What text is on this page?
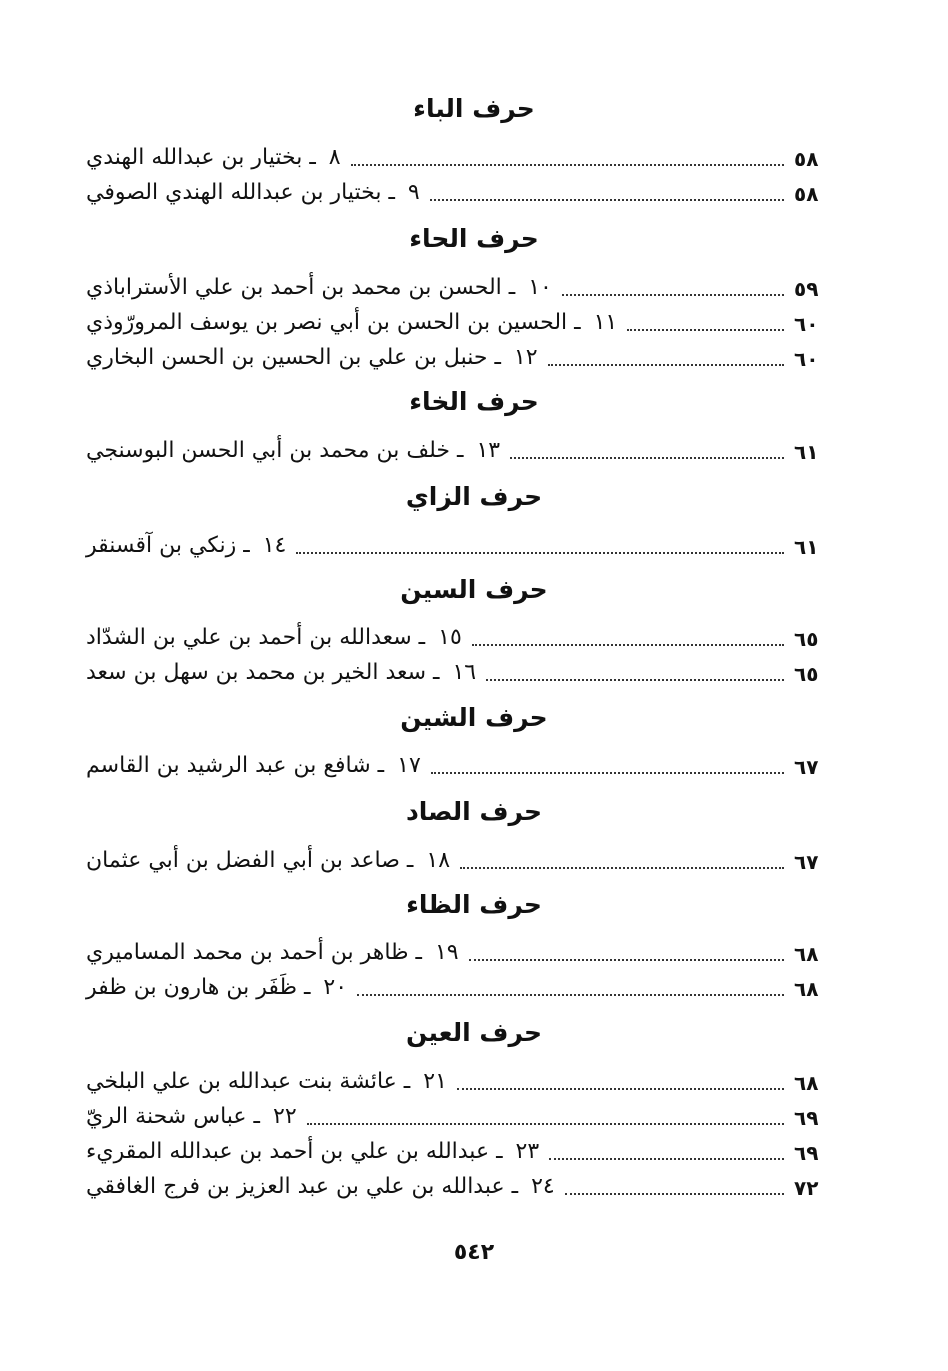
حرف الباء
٨ ـ بختيار بن عبدالله الهندي	٥٨
٩ ـ بختيار بن عبدالله الهندي الصوفي	٥٨
حرف الحاء
١٠ ـ الحسن بن محمد بن أحمد بن علي الأستراباذي	٥٩
١١ ـ الحسين بن الحسن بن أبي نصر بن يوسف المرورّوذي	٦٠
١٢ ـ حنبل بن علي بن الحسين بن الحسن البخاري	٦٠
حرف الخاء
١٣ ـ خلف بن محمد بن أبي الحسن البوسنجي	٦١
حرف الزاي
١٤ ـ زنكي بن آقسنقر	٦١
حرف السين
١٥ ـ سعدالله بن أحمد بن علي بن الشدّاد	٦٥
١٦ ـ سعد الخير بن محمد بن سهل بن سعد	٦٥
حرف الشين
١٧ ـ شافع بن عبد الرشيد بن القاسم	٦٧
حرف الصاد
١٨ ـ صاعد بن أبي الفضل بن أبي عثمان	٦٧
حرف الظاء
١٩ ـ ظاهر بن أحمد بن محمد المساميري	٦٨
٢٠ ـ ظَفَر بن هارون بن ظفر	٦٨
حرف العين
٢١ ـ عائشة بنت عبدالله بن علي البلخي	٦٨
٢٢ ـ عباس شحنة الريّ	٦٩
٢٣ ـ عبدالله بن علي بن أحمد بن عبدالله المقريء	٦٩
٢٤ ـ عبدالله بن علي بن عبد العزيز بن فرج الغافقي	٧٢
٥٤٢
